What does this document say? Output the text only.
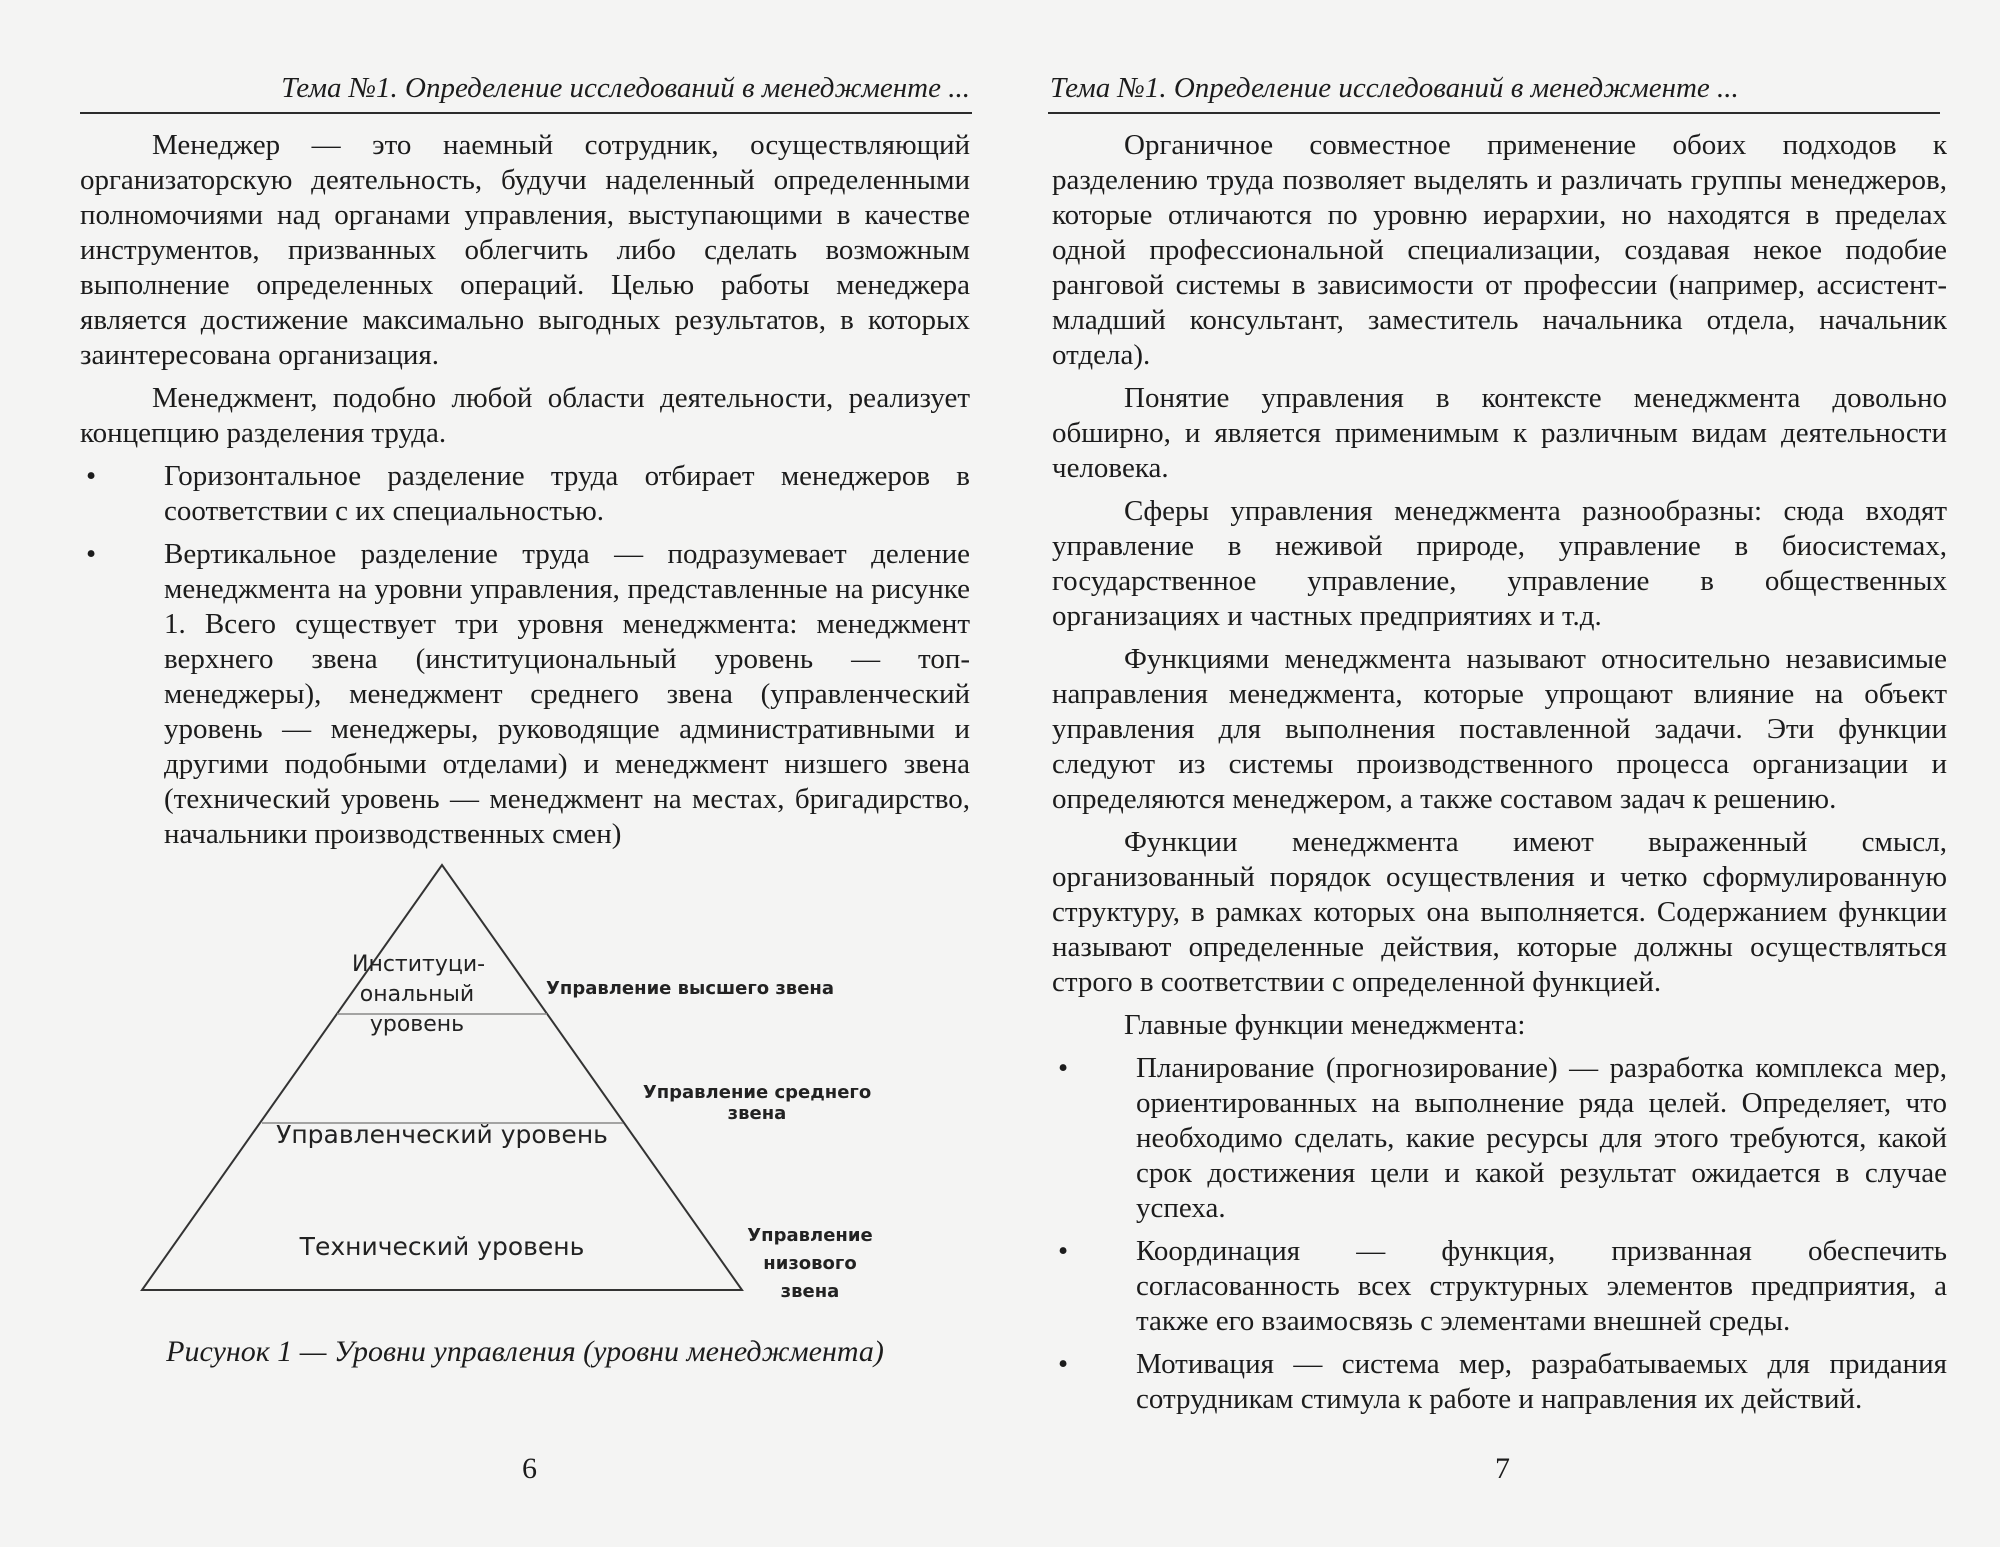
Тема №1. Определение исследований в менеджменте ...

Менеджер — это наемный сотрудник, осуществляющий организаторскую деятельность, будучи наделенный определенными полномочиями над органами управления, выступающими в качестве инструментов, призванных облегчить либо сделать возможным выполнение определенных операций. Целью работы менеджера является достижение максимально выгодных результатов, в которых заинтересована организация.

Менеджмент, подобно любой области деятельности, реализует концепцию разделения труда.

• Горизонтальное разделение труда отбирает менеджеров в соответствии с их специальностью.
• Вертикальное разделение труда — подразумевает деление менеджмента на уровни управления, представленные на рисунке 1. Всего существует три уровня менеджмента: менеджмент верхнего звена (институциональный уровень — топ-менеджеры), менеджмент среднего звена (управленческий уровень — менеджеры, руководящие административными и другими подобными отделами) и менеджмент низшего звена (технический уровень — менеджмент на местах, бригадирство, начальники производственных смен)
Институци-
ональный
уровень
Управленческий уровень
Технический уровень
Управление высшего звена
Управление среднего звена
Управление низового
звена
Рисунок 1 — Уровни управления (уровни менеджмента)
6
Тема №1. Определение исследований в менеджменте ...

Органичное совместное применение обоих подходов к разделению труда позволяет выделять и различать группы менеджеров, которые отличаются по уровню иерархии, но находятся в пределах одной профессиональной специализации, создавая некое подобие ранговой системы в зависимости от профессии (например, ассистент-младший консультант, заместитель начальника отдела, начальник отдела).

Понятие управления в контексте менеджмента довольно обширно, и является применимым к различным видам деятельности человека.

Сферы управления менеджмента разнообразны: сюда входят управление в неживой природе, управление в биосистемах, государственное управление, управление в общественных организациях и частных предприятиях и т.д.

Функциями менеджмента называют относительно независимые направления менеджмента, которые упрощают влияние на объект управления для выполнения поставленной задачи. Эти функции следуют из системы производственного процесса организации и определяются менеджером, а также составом задач к решению.

Функции менеджмента имеют выраженный смысл, организованный порядок осуществления и четко сформулированную структуру, в рамках которых она выполняется. Содержанием функции называют определенные действия, которые должны осуществляться строго в соответствии с определенной функцией.

Главные функции менеджмента:

• Планирование (прогнозирование) — разработка комплекса мер, ориентированных на выполнение ряда целей. Определяет, что необходимо сделать, какие ресурсы для этого требуются, какой срок достижения цели и какой результат ожидается в случае успеха.
• Координация — функция, призванная обеспечить согласованность всех структурных элементов предприятия, а также его взаимосвязь с элементами внешней среды.
• Мотивация — система мер, разрабатываемых для придания сотрудникам стимула к работе и направления их действий.
7
